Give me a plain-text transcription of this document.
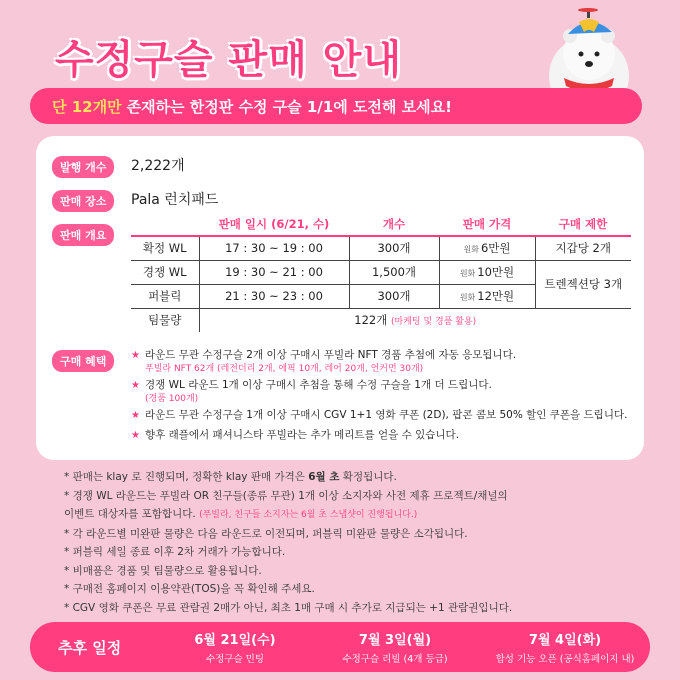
수정구슬 판매 안내
단 12개만 존재하는 한정판 수정 구슬 1/1에 도전해 보세요!
발행 개수	2,222개
판매 장소	Pala 런치패드
판매 개요
	판매 일시 (6/21, 수)	개수	판매 가격	구매 제한
확정 WL	17 : 30 ~ 19 : 00	300개	원화 6만원	지갑당 2개
경쟁 WL	19 : 30 ~ 21 : 00	1,500개	원화 10만원	트렌젝션당 3개
퍼블릭	21 : 30 ~ 23 : 00	300개	원화 12만원	
팀물량	122개 (마케팅 및 경품 활용)			
구매 혜택	★ 라운드 무관 수정구슬 2개 이상 구매시 푸빌라 NFT 경품 추첨에 자동 응모됩니다.
푸빌라 NFT 62개 (레전더리 2개, 에픽 10개, 레어 20개, 언커먼 30개)
★ 경쟁 WL 라운드 1개 이상 구매시 추첨을 통해 수정 구슬을 1개 더 드립니다.
(경품 100개)
★ 라운드 무관 수정구슬 1개 이상 구매시 CGV 1+1 영화 쿠폰 (2D), 팝콘 콤보 50% 할인 쿠폰을 드립니다.
★ 향후 래플에서 패셔니스타 푸빌라는 추가 메리트를 얻을 수 있습니다.
* 판매는 klay 로 진행되며, 정확한 klay 판매 가격은 6월 초 확정됩니다.
* 경쟁 WL 라운드는 푸빌라 OR 친구들(종류 무관) 1개 이상 소지자와 사전 제휴 프로젝트/채널의
이벤트 대상자를 포함합니다. (푸빌라, 친구들 소지자는 6월 초 스냅샷이 진행됩니다.)
* 각 라운드별 미완판 물량은 다음 라운드로 이전되며, 퍼블릭 미완판 물량은 소각됩니다.
* 퍼블릭 세일 종료 이후 2차 거래가 가능합니다.
* 비매품은 경품 및 팀물량으로 활용됩니다.
* 구매전 홈페이지 이용약관(TOS)을 꼭 확인해 주세요.
* CGV 영화 쿠폰은 무료 관람권 2매가 아닌, 최초 1매 구매 시 추가로 지급되는 +1 관람권입니다.
추후 일정	6월 21일(수)
수정구슬 민팅
7월 3일(월)
수정구슬 리빌 (4개 등급)
7월 4일(화)
합성 기능 오픈 (공식홈페이지 내)
